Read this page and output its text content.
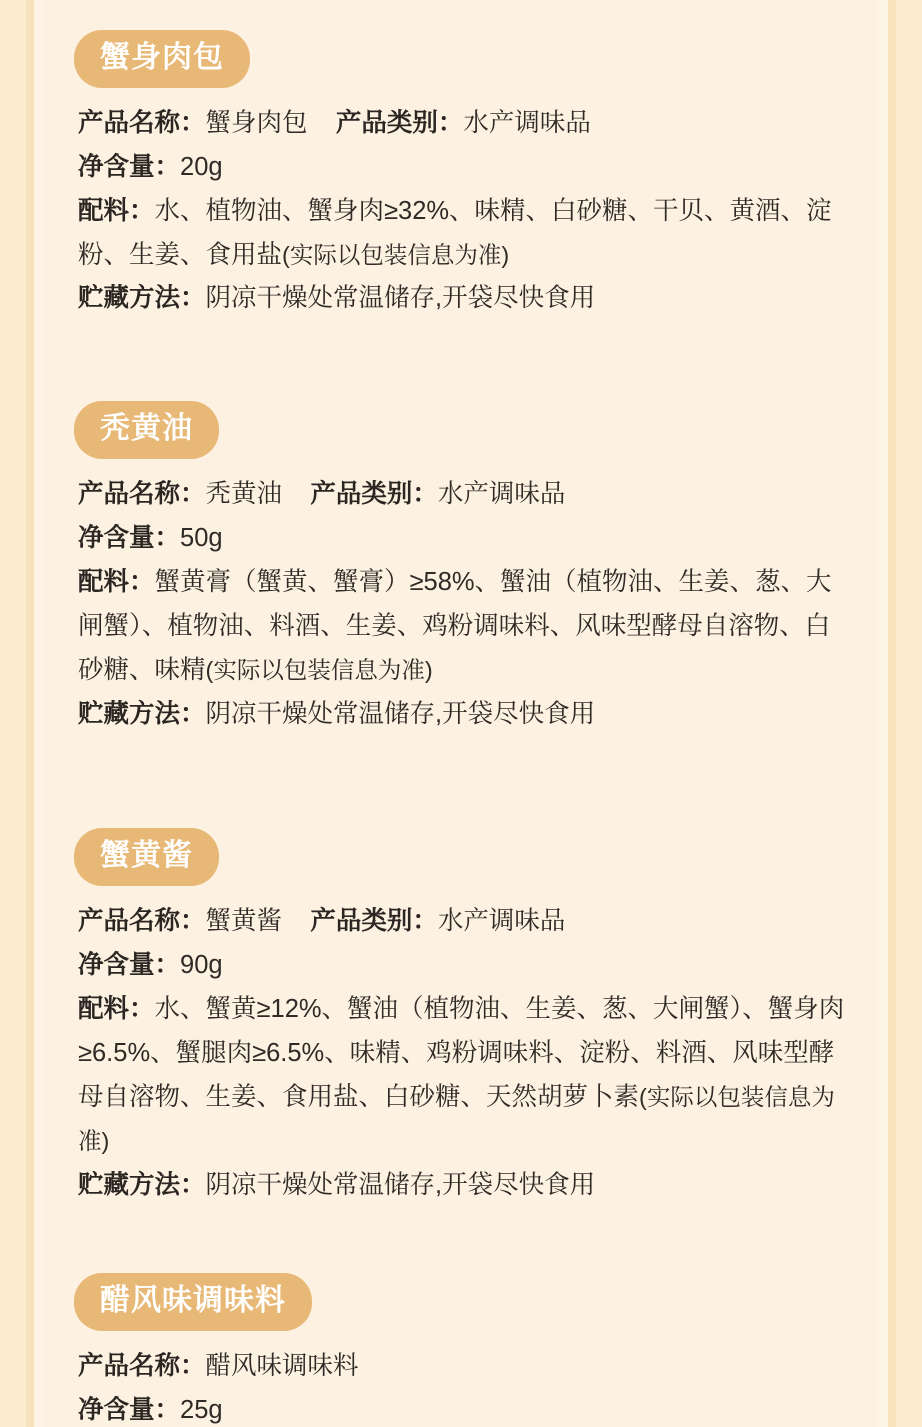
蟹身肉包
产品名称：蟹身肉包 产品类别：水产调味品
净含量：20g
配料：水、植物油、蟹身肉≥32%、味精、白砂糖、干贝、黄酒、淀粉、生姜、食用盐(实际以包装信息为准)
贮藏方法：阴凉干燥处常温储存,开袋尽快食用
秃黄油
产品名称：秃黄油 产品类别：水产调味品
净含量：50g
配料：蟹黄膏（蟹黄、蟹膏）≥58%、蟹油（植物油、生姜、葱、大闸蟹）、植物油、料酒、生姜、鸡粉调味料、风味型酵母自溶物、白砂糖、味精(实际以包装信息为准)
贮藏方法：阴凉干燥处常温储存,开袋尽快食用
蟹黄酱
产品名称：蟹黄酱 产品类别：水产调味品
净含量：90g
配料：水、蟹黄≥12%、蟹油（植物油、生姜、葱、大闸蟹）、蟹身肉≥6.5%、蟹腿肉≥6.5%、味精、鸡粉调味料、淀粉、料酒、风味型酵母自溶物、生姜、食用盐、白砂糖、天然胡萝卜素(实际以包装信息为准)
贮藏方法：阴凉干燥处常温储存,开袋尽快食用
醋风味调味料
产品名称：醋风味调味料
净含量：25g
